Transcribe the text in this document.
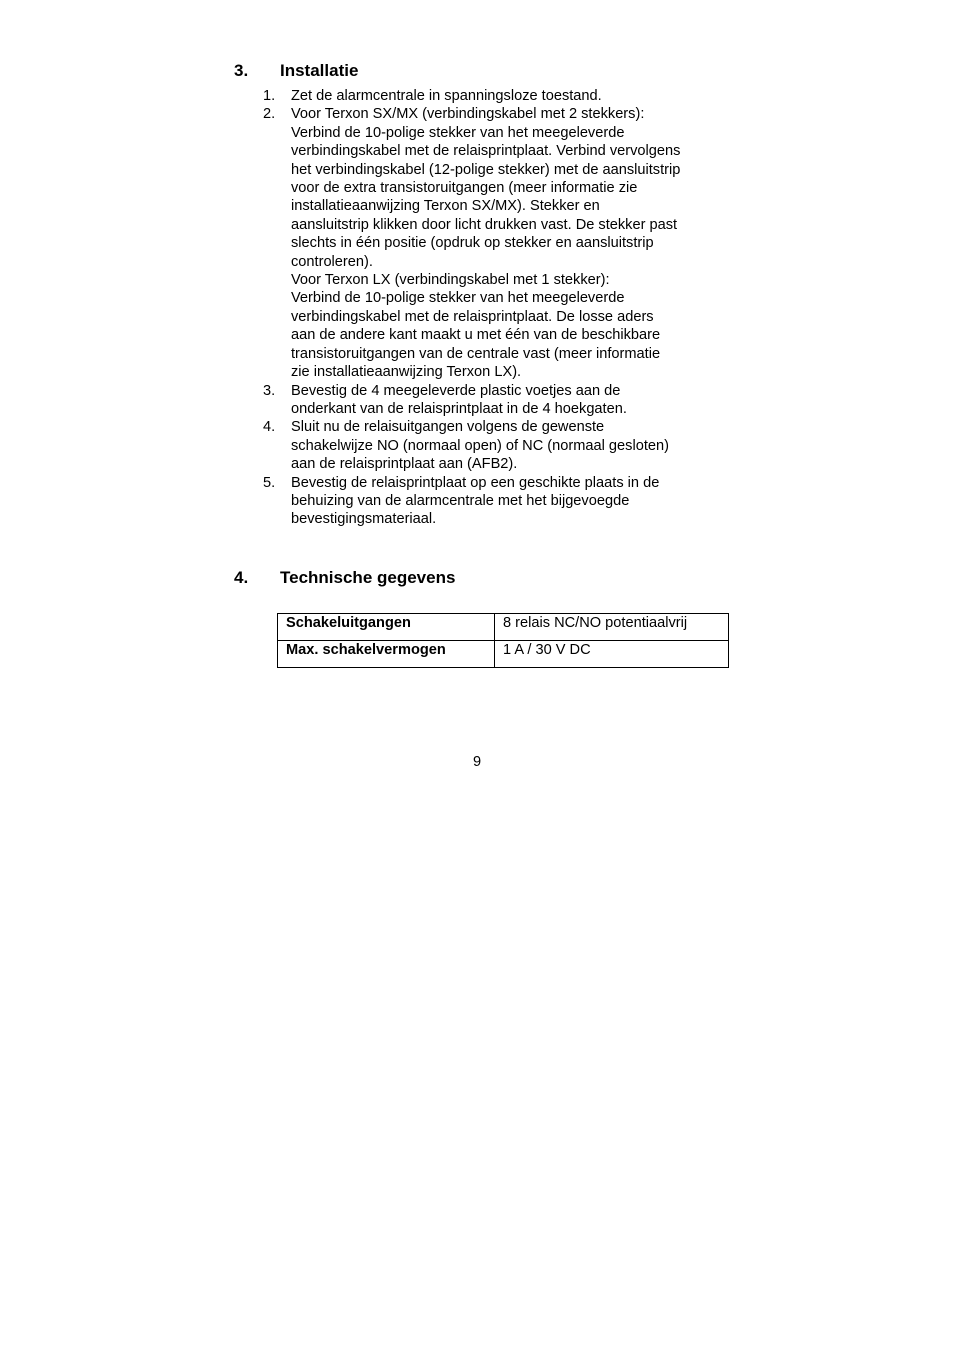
3. Installatie
1. Zet de alarmcentrale in spanningsloze toestand.
2. Voor Terxon SX/MX (verbindingskabel met 2 stekkers):
Verbind de 10-polige stekker van het meegeleverde
verbindingskabel met de relaisprintplaat. Verbind vervolgens
het verbindingskabel (12-polige stekker) met de aansluitstrip
voor de extra transistoruitgangen (meer informatie zie
installatieaanwijzing Terxon SX/MX). Stekker en
aansluitstrip klikken door licht drukken vast. De stekker past
slechts in één positie (opdruk op stekker en aansluitstrip
controleren).
Voor Terxon LX (verbindingskabel met 1 stekker):
Verbind de 10-polige stekker van het meegeleverde
verbindingskabel met de relaisprintplaat. De losse aders
aan de andere kant maakt u met één van de beschikbare
transistoruitgangen van de centrale vast (meer informatie
zie installatieaanwijzing Terxon LX).
3. Bevestig de 4 meegeleverde plastic voetjes aan de
onderkant van de relaisprintplaat in de 4 hoekgaten.
4. Sluit nu de relaisuitgangen volgens de gewenste
schakelwijze NO (normaal open) of NC (normaal gesloten)
aan de relaisprintplaat aan (AFB2).
5. Bevestig de relaisprintplaat op een geschikte plaats in de
behuizing van de alarmcentrale met het bijgevoegde
bevestigingsmateriaal.
4. Technische gegevens
Schakeluitgangen	8 relais NC/NO potentiaalvrij
Max. schakelvermogen	1 A / 30 V DC
9
